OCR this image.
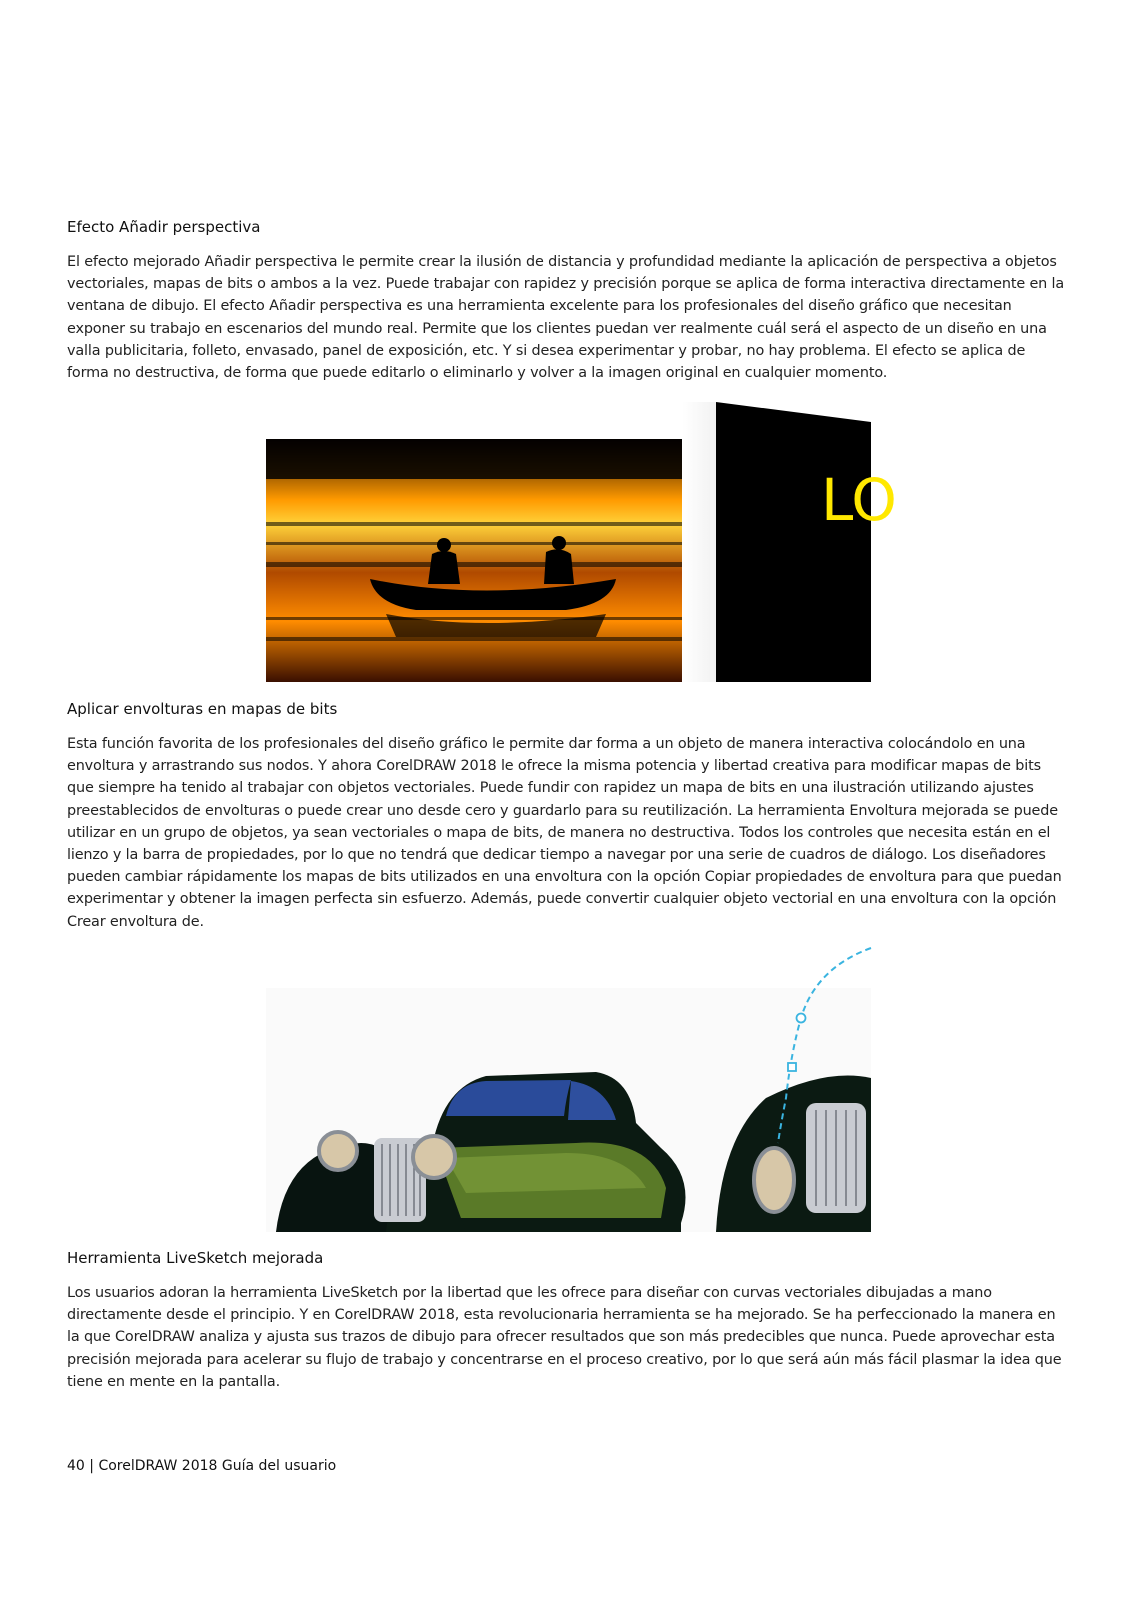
Efecto Añadir perspectiva

El efecto mejorado Añadir perspectiva le permite crear la ilusión de distancia y profundidad mediante la aplicación de perspectiva a objetos vectoriales, mapas de bits o ambos a la vez. Puede trabajar con rapidez y precisión porque se aplica de forma interactiva directamente en la ventana de dibujo. El efecto Añadir perspectiva es una herramienta excelente para los profesionales del diseño gráfico que necesitan exponer su trabajo en escenarios del mundo real. Permite que los clientes puedan ver realmente cuál será el aspecto de un diseño en una valla publicitaria, folleto, envasado, panel de exposición, etc. Y si desea experimentar y probar, no hay problema. El efecto se aplica de forma no destructiva, de forma que puede editarlo o eliminarlo y volver a la imagen original en cualquier momento.

LO
Aplicar envolturas en mapas de bits

Esta función favorita de los profesionales del diseño gráfico le permite dar forma a un objeto de manera interactiva colocándolo en una envoltura y arrastrando sus nodos. Y ahora CorelDRAW 2018 le ofrece la misma potencia y libertad creativa para modificar mapas de bits que siempre ha tenido al trabajar con objetos vectoriales. Puede fundir con rapidez un mapa de bits en una ilustración utilizando ajustes preestablecidos de envolturas o puede crear uno desde cero y guardarlo para su reutilización. La herramienta Envoltura mejorada se puede utilizar en un grupo de objetos, ya sean vectoriales o mapa de bits, de manera no destructiva. Todos los controles que necesita están en el lienzo y la barra de propiedades, por lo que no tendrá que dedicar tiempo a navegar por una serie de cuadros de diálogo. Los diseñadores pueden cambiar rápidamente los mapas de bits utilizados en una envoltura con la opción Copiar propiedades de envoltura para que puedan experimentar y obtener la imagen perfecta sin esfuerzo. Además, puede convertir cualquier objeto vectorial en una envoltura con la opción Crear envoltura de.

Herramienta LiveSketch mejorada

Los usuarios adoran la herramienta LiveSketch por la libertad que les ofrece para diseñar con curvas vectoriales dibujadas a mano directamente desde el principio. Y en CorelDRAW 2018, esta revolucionaria herramienta se ha mejorado. Se ha perfeccionado la manera en la que CorelDRAW analiza y ajusta sus trazos de dibujo para ofrecer resultados que son más predecibles que nunca. Puede aprovechar esta precisión mejorada para acelerar su flujo de trabajo y concentrarse en el proceso creativo, por lo que será aún más fácil plasmar la idea que tiene en mente en la pantalla.

40 | CorelDRAW 2018 Guía del usuario
